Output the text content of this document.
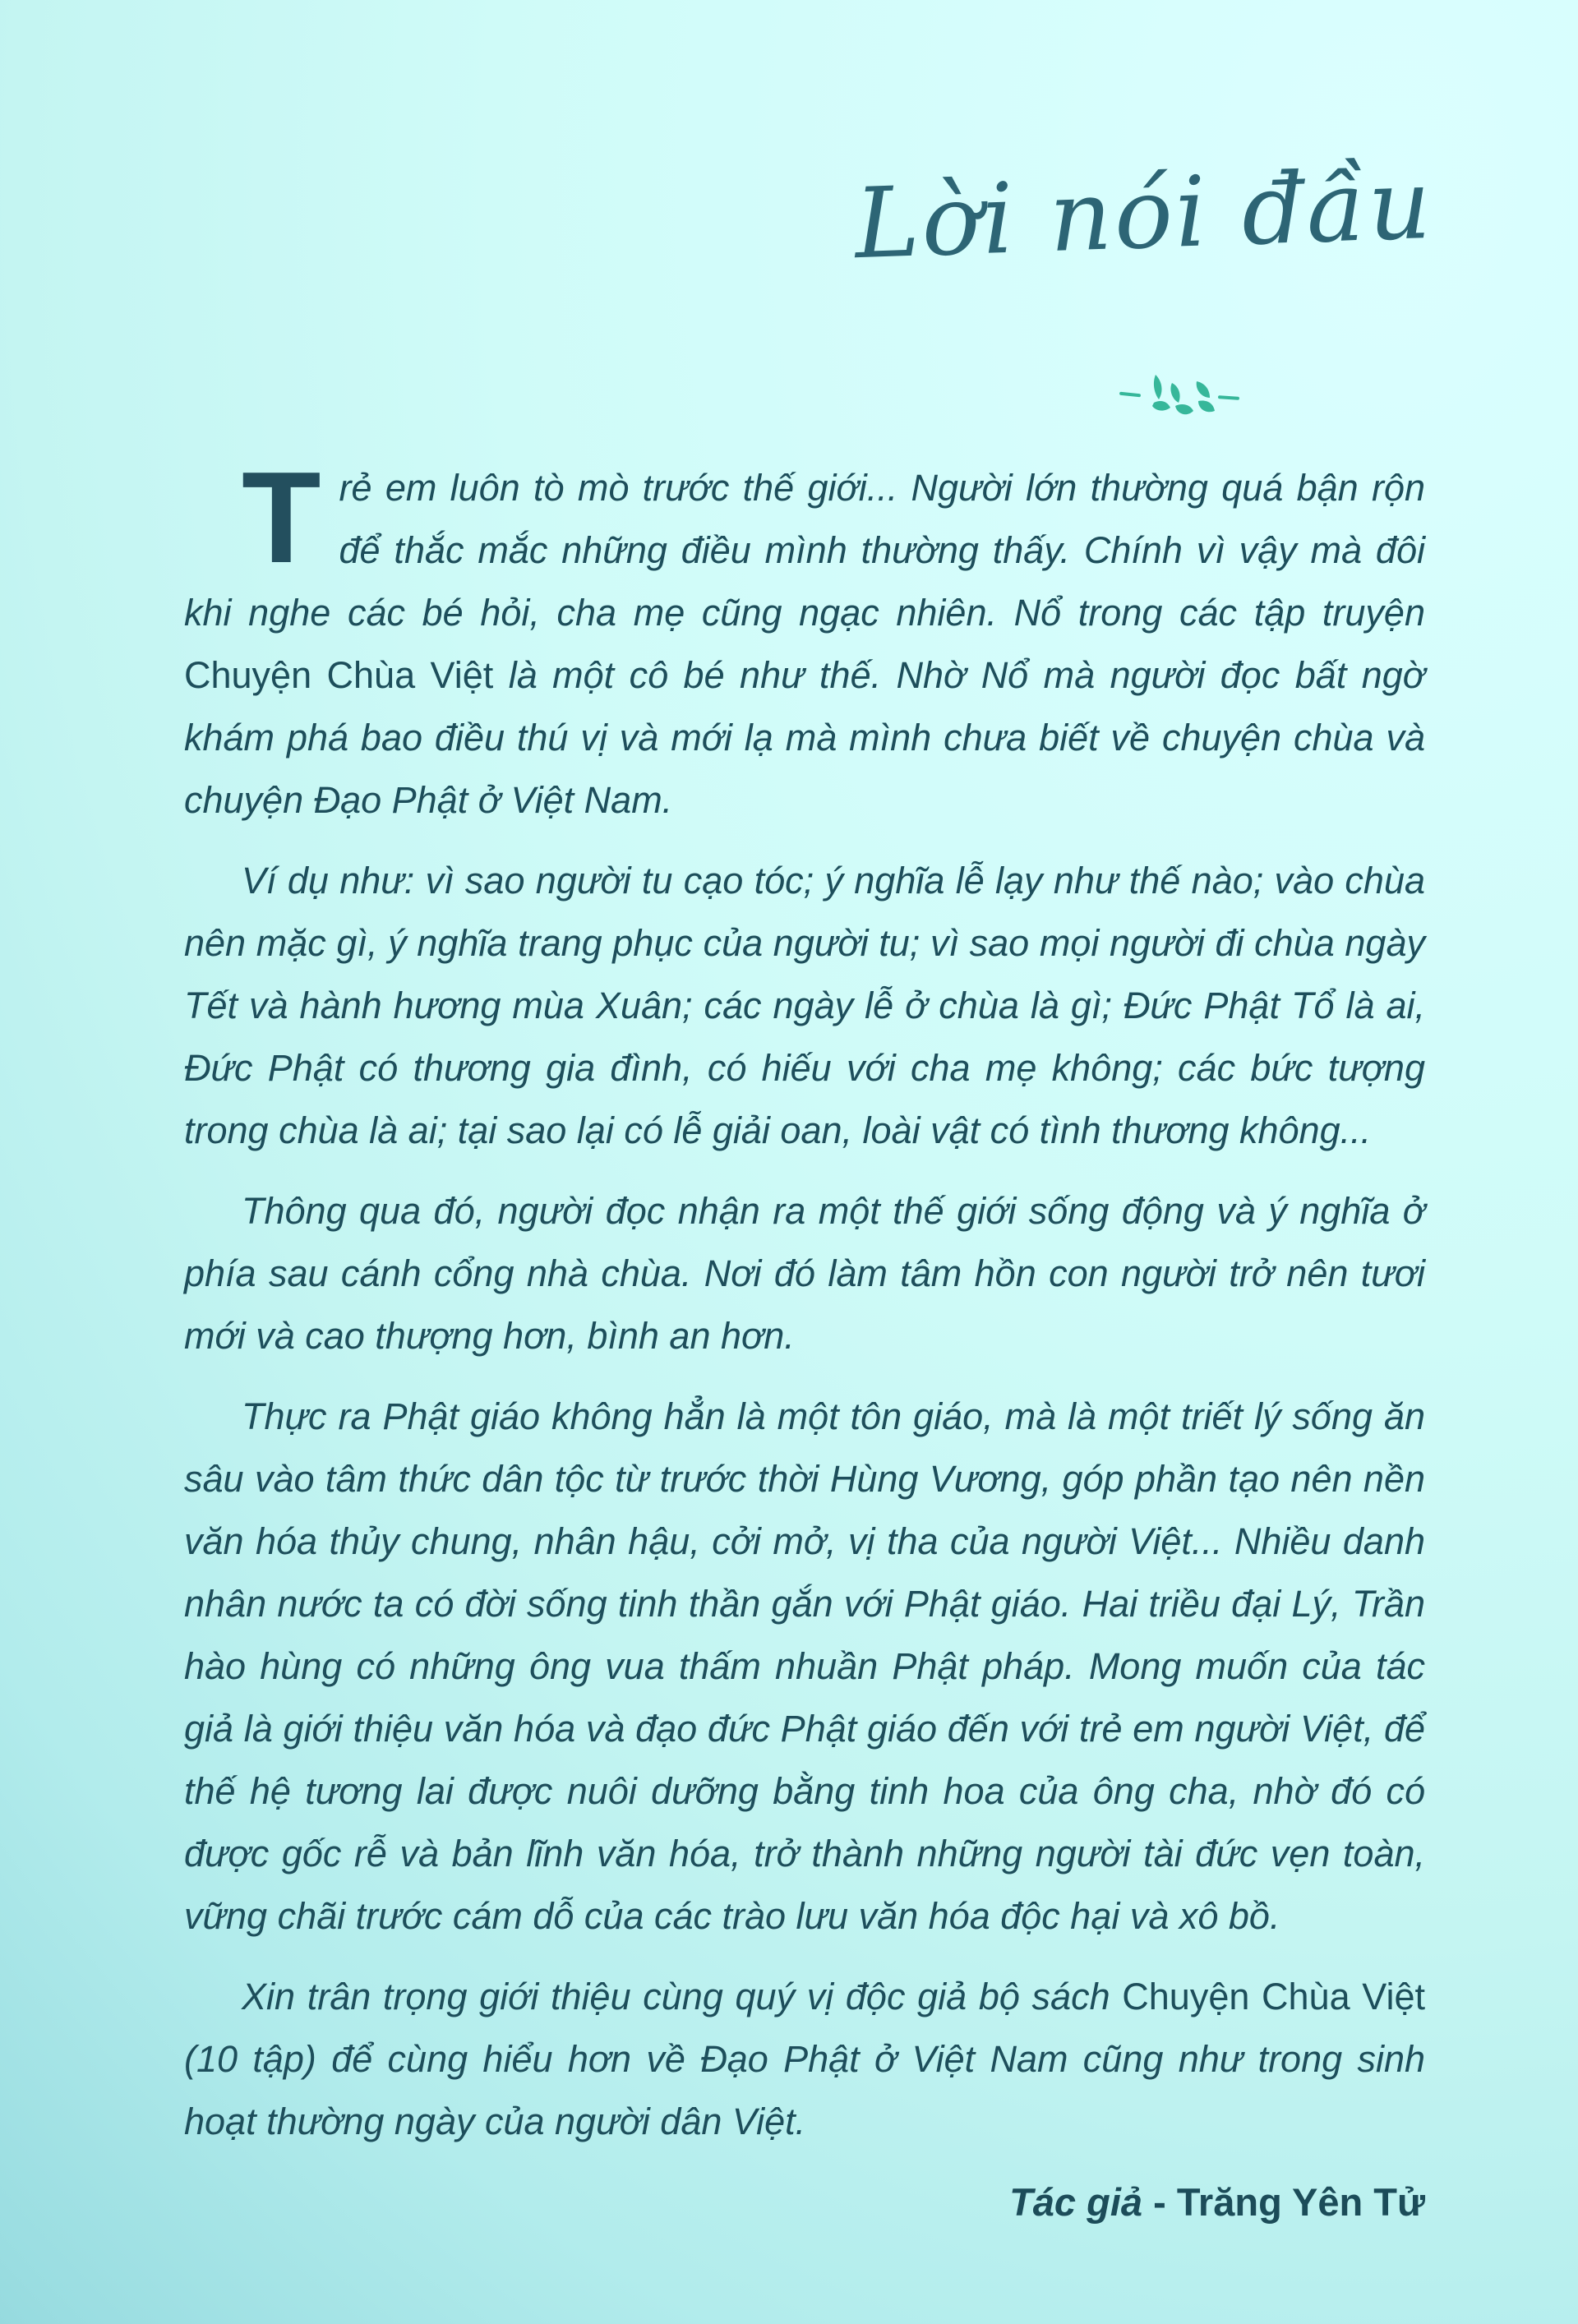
Lời nói đầu

Trẻ em luôn tò mò trước thế giới... Người lớn thường quá bận rộn để thắc mắc những điều mình thường thấy. Chính vì vậy mà đôi khi nghe các bé hỏi, cha mẹ cũng ngạc nhiên. Nổ trong các tập truyện Chuyện Chùa Việt là một cô bé như thế. Nhờ Nổ mà người đọc bất ngờ khám phá bao điều thú vị và mới lạ mà mình chưa biết về chuyện chùa và chuyện Đạo Phật ở Việt Nam.

Ví dụ như: vì sao người tu cạo tóc; ý nghĩa lễ lạy như thế nào; vào chùa nên mặc gì, ý nghĩa trang phục của người tu; vì sao mọi người đi chùa ngày Tết và hành hương mùa Xuân; các ngày lễ ở chùa là gì; Đức Phật Tổ là ai, Đức Phật có thương gia đình, có hiếu với cha mẹ không; các bức tượng trong chùa là ai; tại sao lại có lễ giải oan, loài vật có tình thương không...

Thông qua đó, người đọc nhận ra một thế giới sống động và ý nghĩa ở phía sau cánh cổng nhà chùa. Nơi đó làm tâm hồn con người trở nên tươi mới và cao thượng hơn, bình an hơn.

Thực ra Phật giáo không hẳn là một tôn giáo, mà là một triết lý sống ăn sâu vào tâm thức dân tộc từ trước thời Hùng Vương, góp phần tạo nên nền văn hóa thủy chung, nhân hậu, cởi mở, vị tha của người Việt... Nhiều danh nhân nước ta có đời sống tinh thần gắn với Phật giáo. Hai triều đại Lý, Trần hào hùng có những ông vua thấm nhuần Phật pháp. Mong muốn của tác giả là giới thiệu văn hóa và đạo đức Phật giáo đến với trẻ em người Việt, để thế hệ tương lai được nuôi dưỡng bằng tinh hoa của ông cha, nhờ đó có được gốc rễ và bản lĩnh văn hóa, trở thành những người tài đức vẹn toàn, vững chãi trước cám dỗ của các trào lưu văn hóa độc hại và xô bồ.

Xin trân trọng giới thiệu cùng quý vị độc giả bộ sách Chuyện Chùa Việt (10 tập) để cùng hiểu hơn về Đạo Phật ở Việt Nam cũng như trong sinh hoạt thường ngày của người dân Việt.

Tác giả - Trăng Yên Tử
